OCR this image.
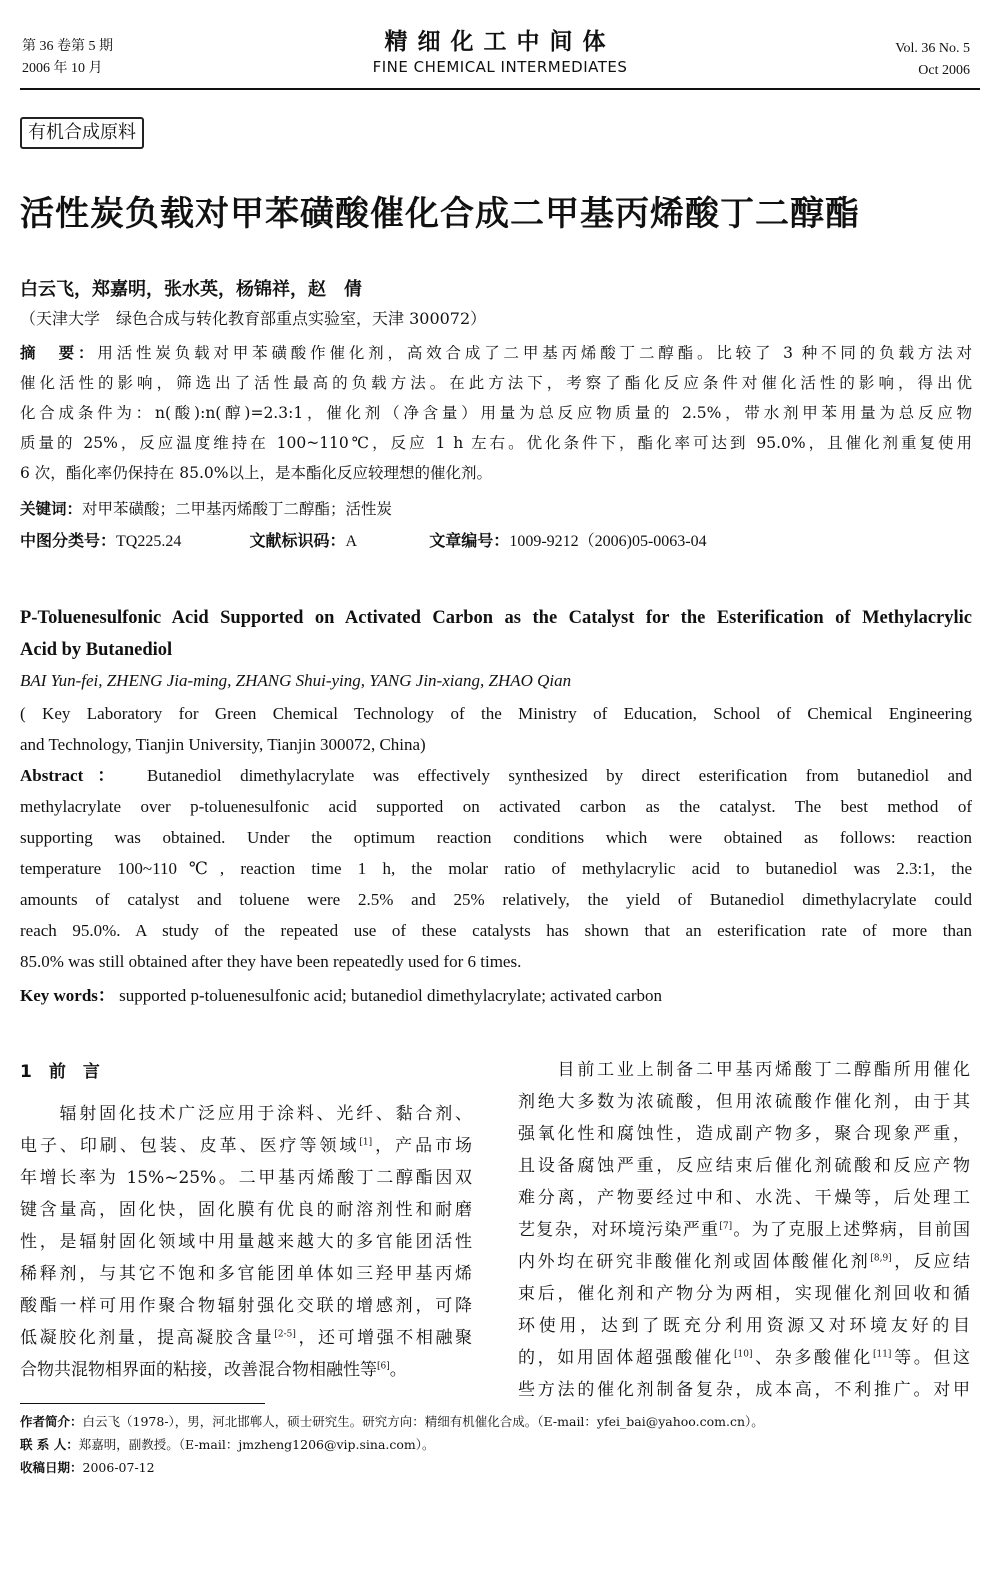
第 36 卷第 5 期
2006 年 10 月
精细化工中间体
FINE CHEMICAL INTERMEDIATES
Vol. 36 No. 5
Oct 2006
有机合成原料
活性炭负载对甲苯磺酸催化合成二甲基丙烯酸丁二醇酯
白云飞，郑嘉明，张水英，杨锦祥，赵　倩
（天津大学　绿色合成与转化教育部重点实验室，天津 300072）
摘　要：用活性炭负载对甲苯磺酸作催化剂，高效合成了二甲基丙烯酸丁二醇酯。比较了 3 种不同的负载方法对
催化活性的影响，筛选出了活性最高的负载方法。在此方法下，考察了酯化反应条件对催化活性的影响，得出优
化合成条件为：n(酸):n(醇)=2.3:1，催化剂（净含量）用量为总反应物质量的 2.5%，带水剂甲苯用量为总反应物
质量的 25%，反应温度维持在 100~110℃，反应 1 h 左右。优化条件下，酯化率可达到 95.0%，且催化剂重复使用
6 次，酯化率仍保持在 85.0%以上，是本酯化反应较理想的催化剂。
关键词：对甲苯磺酸；二甲基丙烯酸丁二醇酯；活性炭
中图分类号：TQ225.24	文献标识码：A	文章编号：1009-9212（2006)05-0063-04
P-Toluenesulfonic Acid Supported on Activated Carbon as the Catalyst for the Esterification of Methylacrylic
Acid by Butanediol
BAI Yun-fei, ZHENG Jia-ming, ZHANG Shui-ying, YANG Jin-xiang, ZHAO Qian
( Key Laboratory for Green Chemical Technology of the Ministry of Education, School of Chemical Engineering
and Technology, Tianjin University, Tianjin 300072, China)
Abstract： Butanediol dimethylacrylate was effectively synthesized by direct esterification from butanediol and
methylacrylate over p-toluenesulfonic acid supported on activated carbon as the catalyst. The best method of
supporting was obtained. Under the optimum reaction conditions which were obtained as follows: reaction
temperature 100~110℃, reaction time 1 h, the molar ratio of methylacrylic acid to butanediol was 2.3:1, the
amounts of catalyst and toluene were 2.5% and 25% relatively, the yield of Butanediol dimethylacrylate could
reach 95.0%. A study of the repeated use of these catalysts has shown that an esterification rate of more than
85.0% was still obtained after they have been repeatedly used for 6 times.
Key words： supported p-toluenesulfonic acid; butanediol dimethylacrylate; activated carbon
1　前　言
　　辐射固化技术广泛应用于涂料、光纤、黏合剂、
电子、印刷、包装、皮革、医疗等领域[1]，产品市场
年增长率为 15%~25%。二甲基丙烯酸丁二醇酯因双
键含量高，固化快，固化膜有优良的耐溶剂性和耐磨
性，是辐射固化领域中用量越来越大的多官能团活性
稀释剂，与其它不饱和多官能团单体如三羟甲基丙烯
酸酯一样可用作聚合物辐射强化交联的增感剂，可降
低凝胶化剂量，提高凝胶含量[2-5]，还可增强不相融聚
合物共混物相界面的粘接，改善混合物相融性等[6]。
　　目前工业上制备二甲基丙烯酸丁二醇酯所用催化
剂绝大多数为浓硫酸，但用浓硫酸作催化剂，由于其
强氧化性和腐蚀性，造成副产物多，聚合现象严重，
且设备腐蚀严重，反应结束后催化剂硫酸和反应产物
难分离，产物要经过中和、水洗、干燥等，后处理工
艺复杂，对环境污染严重[7]。为了克服上述弊病，目前国
内外均在研究非酸催化剂或固体酸催化剂[8,9]，反应结
束后，催化剂和产物分为两相，实现催化剂回收和循
环使用，达到了既充分利用资源又对环境友好的目
的，如用固体超强酸催化[10]、杂多酸催化[11]等。但这
些方法的催化剂制备复杂，成本高，不利推广。对甲
作者简介：白云飞（1978-），男，河北邯郸人，硕士研究生。研究方向：精细有机催化合成。（E-mail：yfei_bai@yahoo.com.cn）。
联 系 人：郑嘉明，副教授。（E-mail：jmzheng1206@vip.sina.com）。
收稿日期：2006-07-12
